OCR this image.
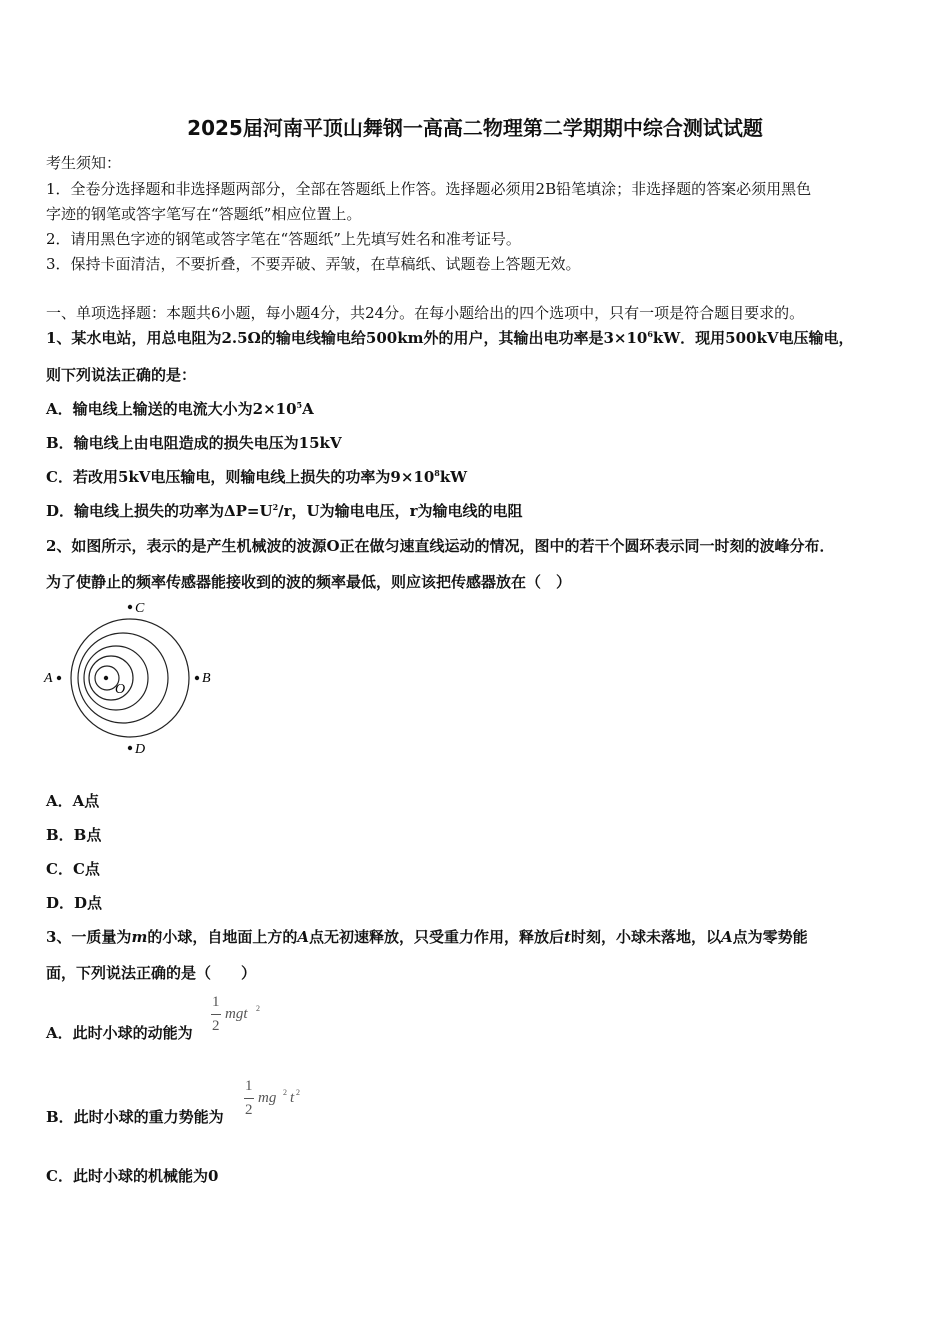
2025届河南平顶山舞钢一高高二物理第二学期期中综合测试试题
考生须知：
1．全卷分选择题和非选择题两部分，全部在答题纸上作答。选择题必须用2B铅笔填涂；非选择题的答案必须用黑色
字迹的钢笔或答字笔写在“答题纸”相应位置上。
2．请用黑色字迹的钢笔或答字笔在“答题纸”上先填写姓名和准考证号。
3．保持卡面清洁，不要折叠，不要弄破、弄皱，在草稿纸、试题卷上答题无效。
一、单项选择题：本题共6小题，每小题4分，共24分。在每小题给出的四个选项中，只有一项是符合题目要求的。
1、某水电站，用总电阻为2.5Ω的输电线输电给500km外的用户，其输出电功率是$3\times 10^6kW$．现用500kV电压输电，
则下列说法正确的是：
A．输电线上输送的电流大小为$2\times 10^5A$
B．输电线上由电阻造成的损失电压为15kV
C．若改用5kV电压输电，则输电线上损失的功率为$9\times 10^8kW$
D．输电线上损失的功率为$\Delta P=U^2/r$，U为输电电压，r为输电线的电阻
2、如图所示，表示的是产生机械波的波源O正在做匀速直线运动的情况，图中的若干个圆环表示同一时刻的波峰分布．
为了使静止的频率传感器能接收到的波的频率最低，则应该把传感器放在（　）
O
A	B
C
D
A．A点
B．B点
C．C点
D．D点
3、一质量为m的小球，自地面上方的A点无初速释放，只受重力作用，释放后t时刻，小球未落地，以A点为零势能
面，下列说法正确的是（　　）
A．此时小球的动能为
1
2
mgt 2
B．此时小球的重力势能为
1
2
mg 2 t 2
C．此时小球的机械能为0
